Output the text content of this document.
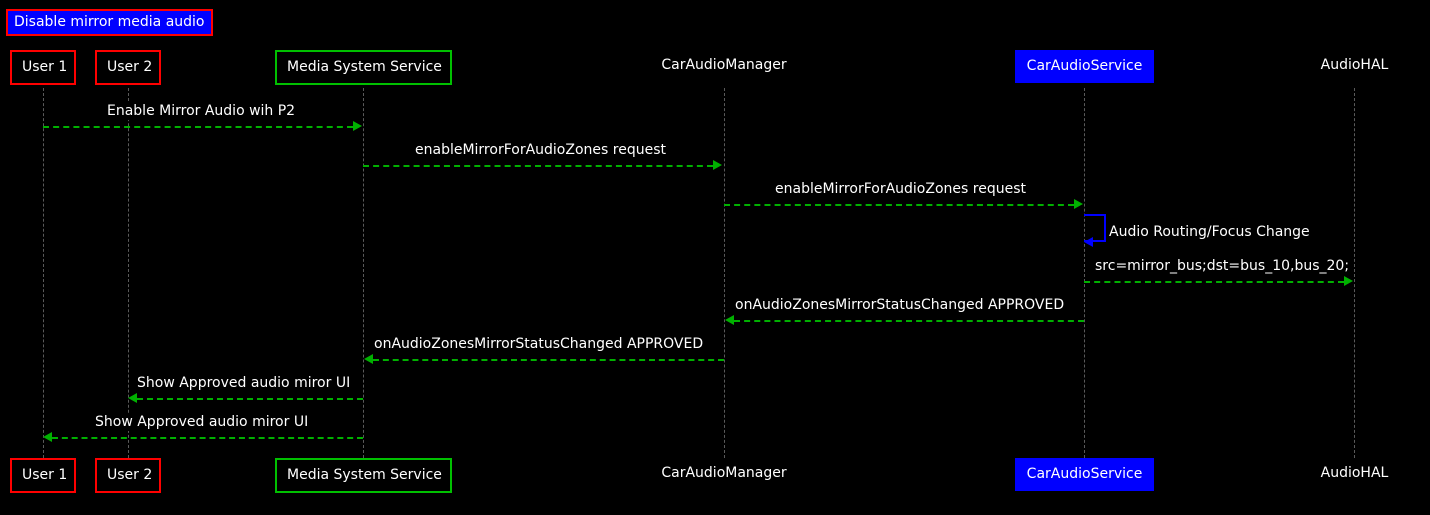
Disable mirror media audio
User 1	User 2	Media System Service	CarAudioManager	CarAudioService	AudioHAL
User 1	User 2	Media System Service	CarAudioManager	CarAudioService	AudioHAL
Enable Mirror Audio wih P2
enableMirrorForAudioZones request
enableMirrorForAudioZones request
Audio Routing/Focus Change
src=mirror_bus;dst=bus_10,bus_20;
onAudioZonesMirrorStatusChanged APPROVED
onAudioZonesMirrorStatusChanged APPROVED
Show Approved audio miror UI
Show Approved audio miror UI
